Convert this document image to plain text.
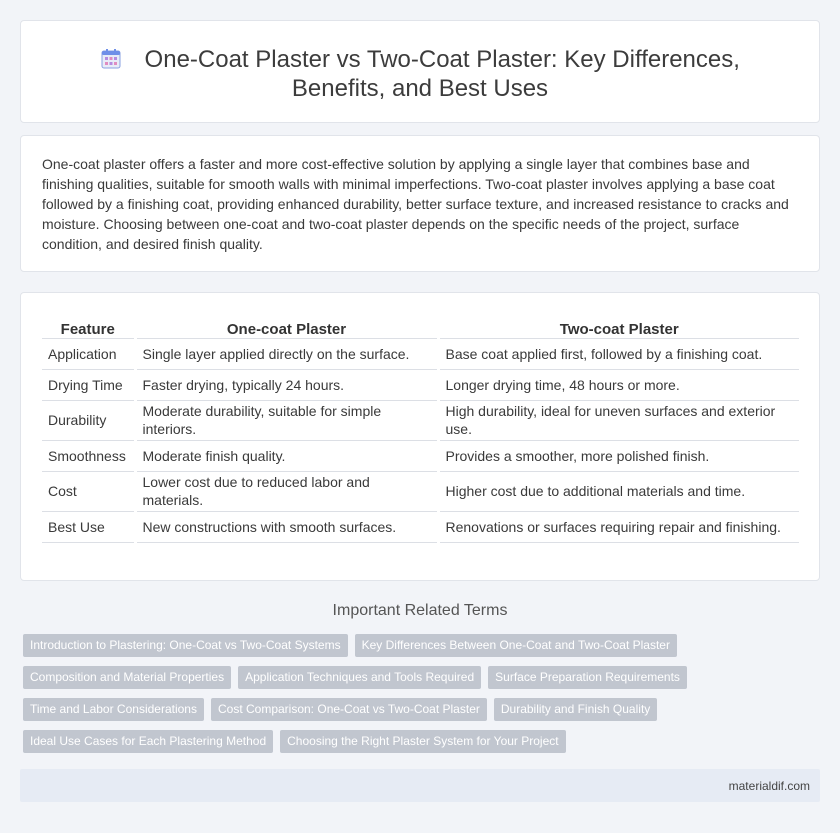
One-Coat Plaster vs Two-Coat Plaster: Key Differences, Benefits, and Best Uses

One-coat plaster offers a faster and more cost-effective solution by applying a single layer that combines base and finishing qualities, suitable for smooth walls with minimal imperfections. Two-coat plaster involves applying a base coat followed by a finishing coat, providing enhanced durability, better surface texture, and increased resistance to cracks and moisture. Choosing between one-coat and two-coat plaster depends on the specific needs of the project, surface condition, and desired finish quality.

Feature	One-coat Plaster	Two-coat Plaster
Application	Single layer applied directly on the surface.	Base coat applied first, followed by a finishing coat.
Drying Time	Faster drying, typically 24 hours.	Longer drying time, 48 hours or more.
Durability	Moderate durability, suitable for simple interiors.	High durability, ideal for uneven surfaces and exterior use.
Smoothness	Moderate finish quality.	Provides a smoother, more polished finish.
Cost	Lower cost due to reduced labor and materials.	Higher cost due to additional materials and time.
Best Use	New constructions with smooth surfaces.	Renovations or surfaces requiring repair and finishing.
Important Related Terms
Introduction to Plastering: One-Coat vs Two-Coat Systems	Key Differences Between One-Coat and Two-Coat Plaster
Composition and Material Properties	Application Techniques and Tools Required	Surface Preparation Requirements
Time and Labor Considerations	Cost Comparison: One-Coat vs Two-Coat Plaster	Durability and Finish Quality
Ideal Use Cases for Each Plastering Method	Choosing the Right Plaster System for Your Project
materialdif.com
